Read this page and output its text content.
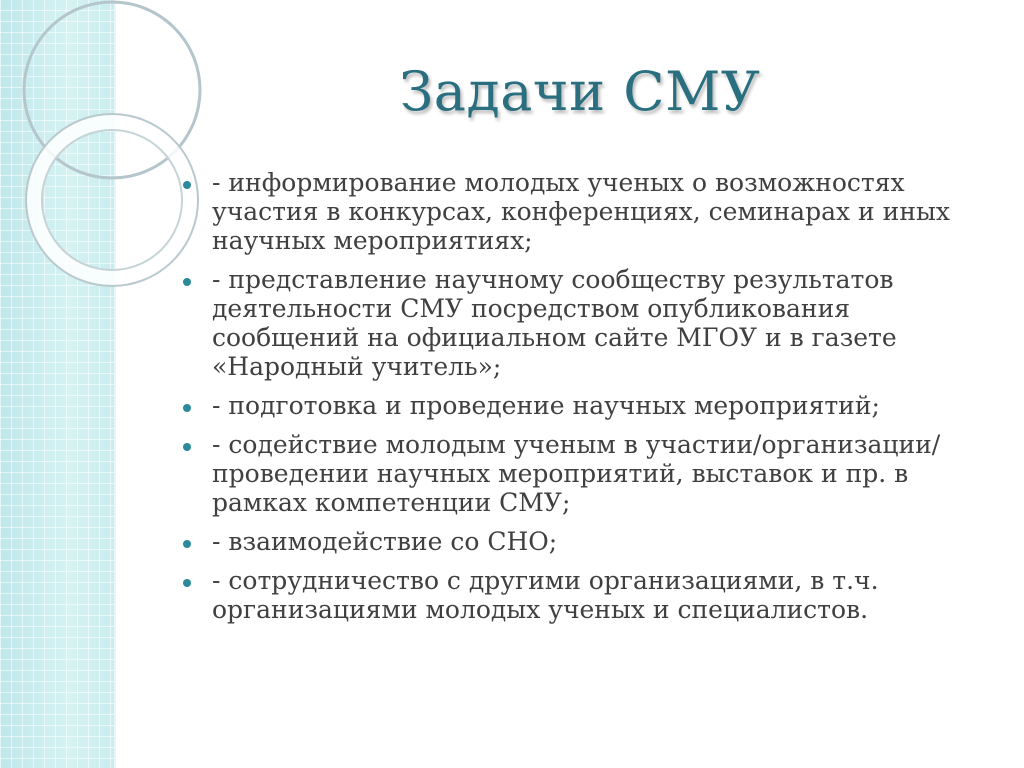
Задачи СМУ
- информирование молодых ученых о возможностях участия в конкурсах, конференциях, семинарах и иных научных мероприятиях;
- представление научному сообществу результатов деятельности СМУ посредством опубликования сообщений на официальном сайте МГОУ и в газете «Народный учитель»;
- подготовка и проведение научных мероприятий;
- содействие молодым ученым в участии/организации/проведении научных мероприятий, выставок и пр. в рамках компетенции СМУ;
- взаимодействие со СНО;
- сотрудничество с другими организациями, в т.ч. организациями молодых ученых и специалистов.
